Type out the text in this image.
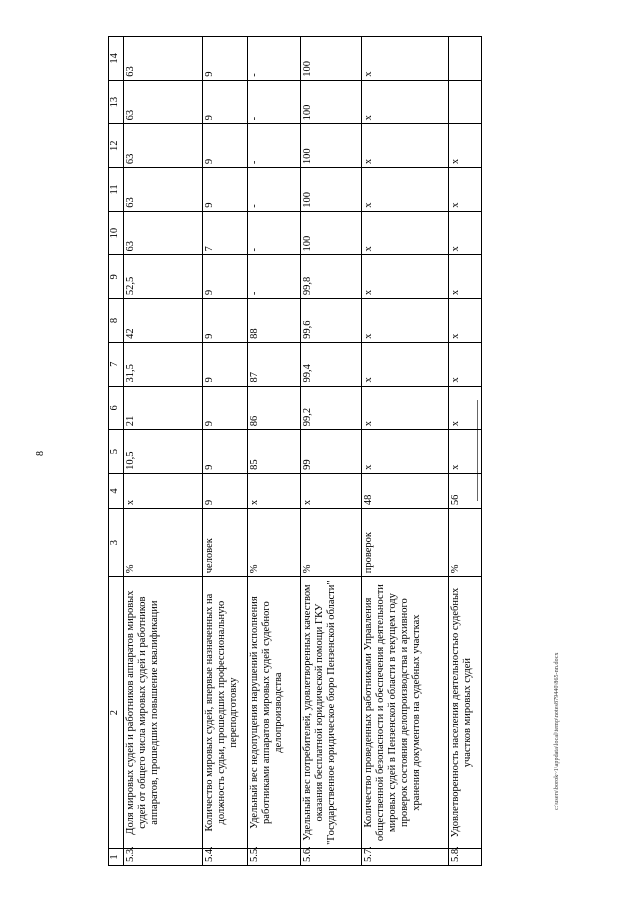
8
c:\users\borok~1\appdata\local\temp\notes879440\865-nn.docx
1	2	3	4	5	6	7	8	9	10	11	12	13	14
5.3.	Доля мировых судей и работников аппаратов мировых судей от общего числа мировых судей и работников аппаратов, прошедших повышение квалификации	%	х	10,5	21	31,5	42	52,5	63	63	63	63	63
5.4.	Количество мировых судей, впервые назначенных на должность судьи, прошедших профессиональную переподготовку	человек	9	9	9	9	9	9	7	9	9	9	9
5.5.	Удельный вес недопущения нарушений исполнения работниками аппаратов мировых судей судебного делопроизводства	%	х	85	86	87	88	-	-	-	-	-	-
5.6.	Удельный вес потребителей, удовлетворенных качеством оказания бесплатной юридической помощи ГКУ "Государственное юридическое бюро Пензенской области"	%	х	99	99,2	99,4	99,6	99,8	100	100	100	100	100
5.7.	Количество проведенных работниками Управления общественной безопасности и обеспечения деятельности мировых судей в Пензенской области в текущем году проверок состояния делопроизводства и архивного хранения документов на судебных участках	проверок	48	х	х	х	х	х	х	х	х	х	х
5.8.	Удовлетворенность населения деятельностью судебных участков мировых судей	%	56	х	х	х	х	х	х	х	х		
